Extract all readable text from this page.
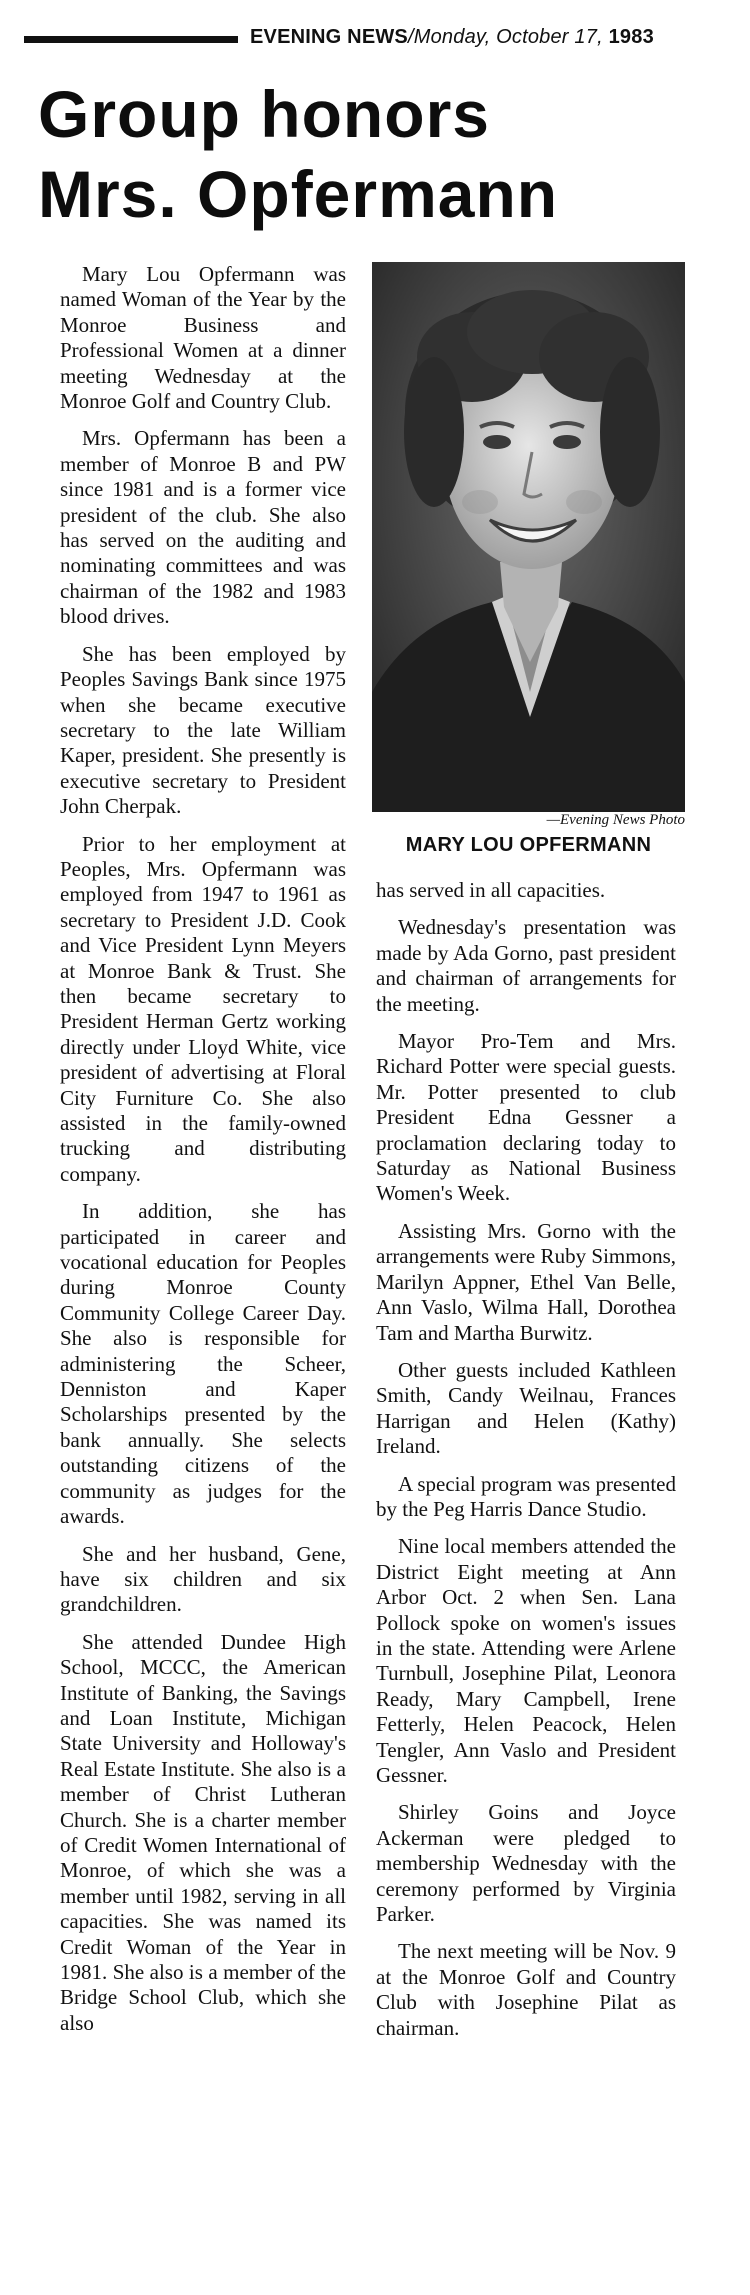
EVENING NEWS/Monday, October 17, 1983
Group honors
Mrs. Opfermann

Mary Lou Opfermann was named Woman of the Year by the Monroe Business and Professional Women at a dinner meeting Wednesday at the Monroe Golf and Country Club.

Mrs. Opfermann has been a member of Monroe B and PW since 1981 and is a former vice president of the club. She also has served on the auditing and nominating committees and was chairman of the 1982 and 1983 blood drives.

She has been employed by Peoples Savings Bank since 1975 when she became executive secretary to the late William Kaper, president. She presently is executive secretary to President John Cherpak.

Prior to her employment at Peoples, Mrs. Opfermann was employed from 1947 to 1961 as secretary to President J.D. Cook and Vice President Lynn Meyers at Monroe Bank & Trust. She then became secretary to President Herman Gertz working directly under Lloyd White, vice president of advertising at Floral City Furniture Co. She also assisted in the family-owned trucking and distributing company.

In addition, she has participated in career and vocational education for Peoples during Monroe County Community College Career Day. She also is responsible for administering the Scheer, Denniston and Kaper Scholarships presented by the bank annually. She selects outstanding citizens of the community as judges for the awards.

She and her husband, Gene, have six children and six grandchildren.

She attended Dundee High School, MCCC, the American Institute of Banking, the Savings and Loan Institute, Michigan State University and Holloway's Real Estate Institute. She also is a member of Christ Lutheran Church. She is a charter member of Credit Women International of Monroe, of which she was a member until 1982, serving in all capacities. She was named its Credit Woman of the Year in 1981. She also is a member of the Bridge School Club, which she also

—Evening News Photo
MARY LOU OPFERMANN

has served in all capacities.

Wednesday's presentation was made by Ada Gorno, past president and chairman of arrangements for the meeting.

Mayor Pro-Tem and Mrs. Richard Potter were special guests. Mr. Potter presented to club President Edna Gessner a proclamation declaring today to Saturday as National Business Women's Week.

Assisting Mrs. Gorno with the arrangements were Ruby Simmons, Marilyn Appner, Ethel Van Belle, Ann Vaslo, Wilma Hall, Dorothea Tam and Martha Burwitz.

Other guests included Kathleen Smith, Candy Weilnau, Frances Harrigan and Helen (Kathy) Ireland.

A special program was presented by the Peg Harris Dance Studio.

Nine local members attended the District Eight meeting at Ann Arbor Oct. 2 when Sen. Lana Pollock spoke on women's issues in the state. Attending were Arlene Turnbull, Josephine Pilat, Leonora Ready, Mary Campbell, Irene Fetterly, Helen Peacock, Helen Tengler, Ann Vaslo and President Gessner.

Shirley Goins and Joyce Ackerman were pledged to membership Wednesday with the ceremony performed by Virginia Parker.

The next meeting will be Nov. 9 at the Monroe Golf and Country Club with Josephine Pilat as chairman.
